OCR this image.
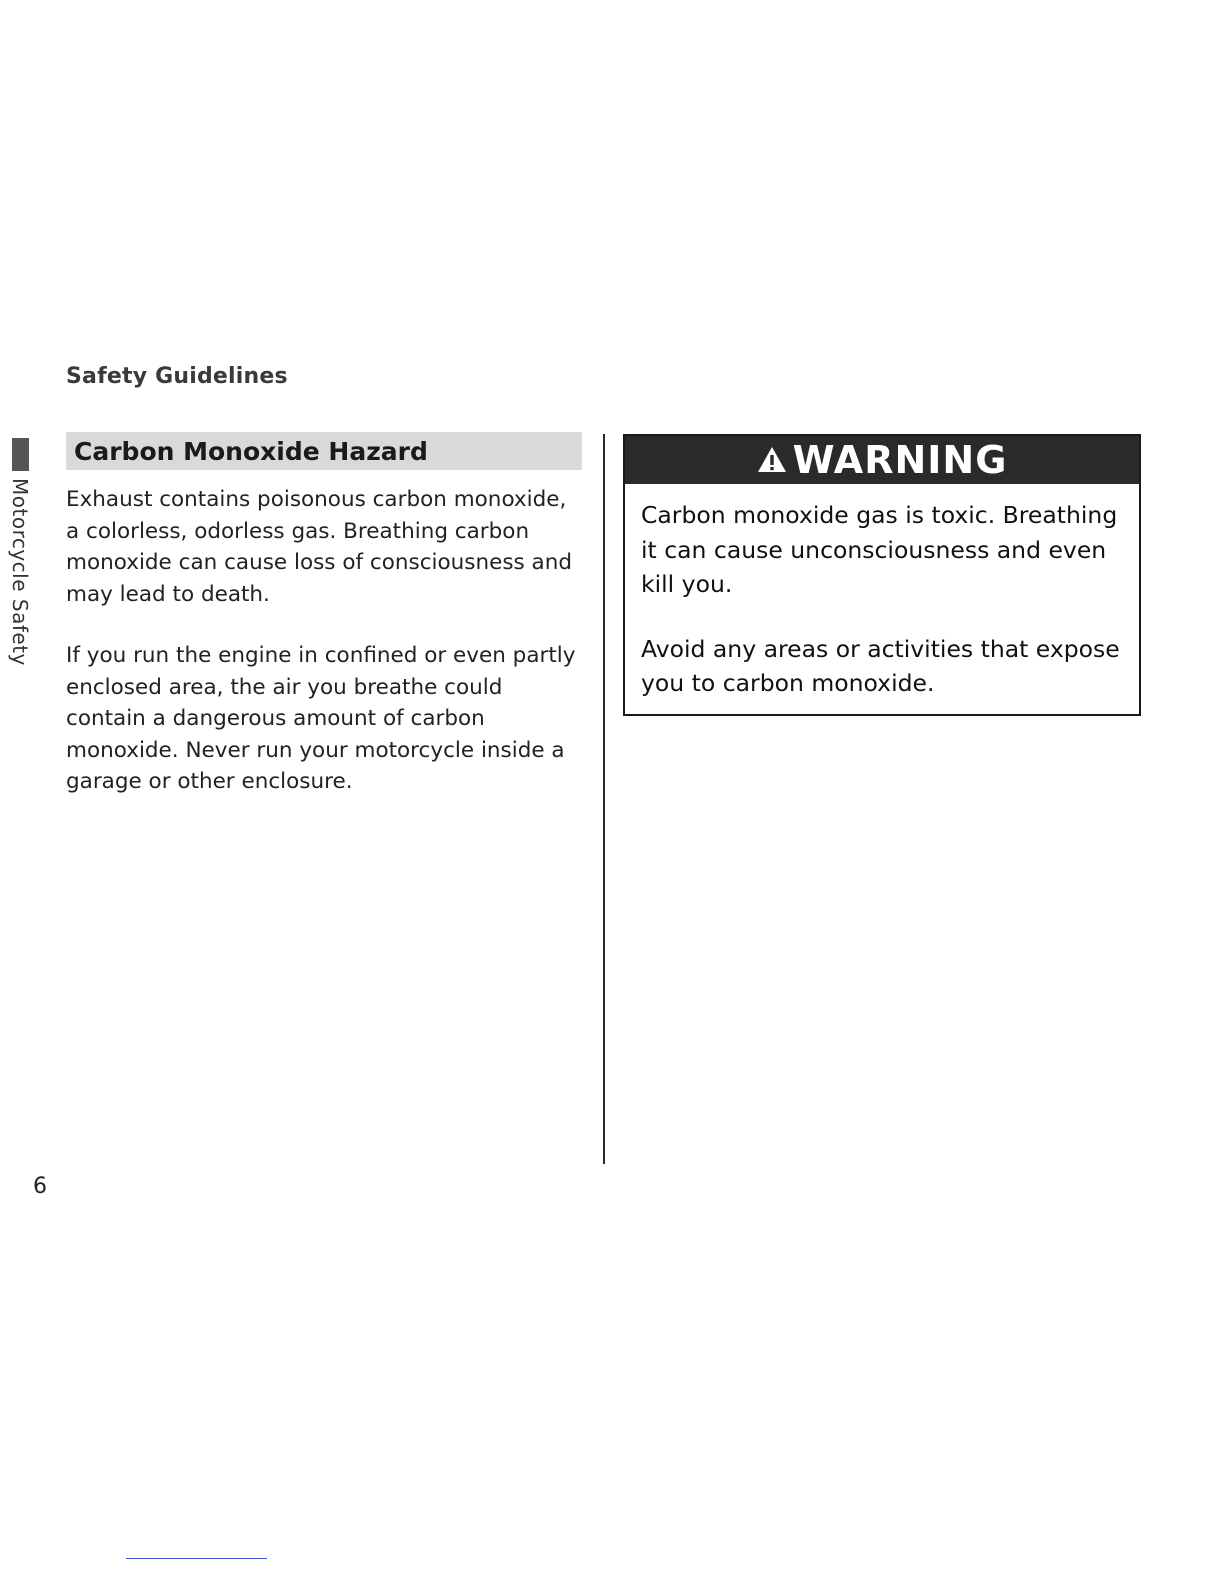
Safety Guidelines
Motorcycle Safety
Carbon Monoxide Hazard

Exhaust contains poisonous carbon monoxide, a colorless, odorless gas. Breathing carbon monoxide can cause loss of consciousness and may lead to death.

If you run the engine in confined or even partly enclosed area, the air you breathe could contain a dangerous amount of carbon monoxide. Never run your motorcycle inside a garage or other enclosure.

WARNING

Carbon monoxide gas is toxic. Breathing it can cause unconsciousness and even kill you.

Avoid any areas or activities that expose you to carbon monoxide.

6
